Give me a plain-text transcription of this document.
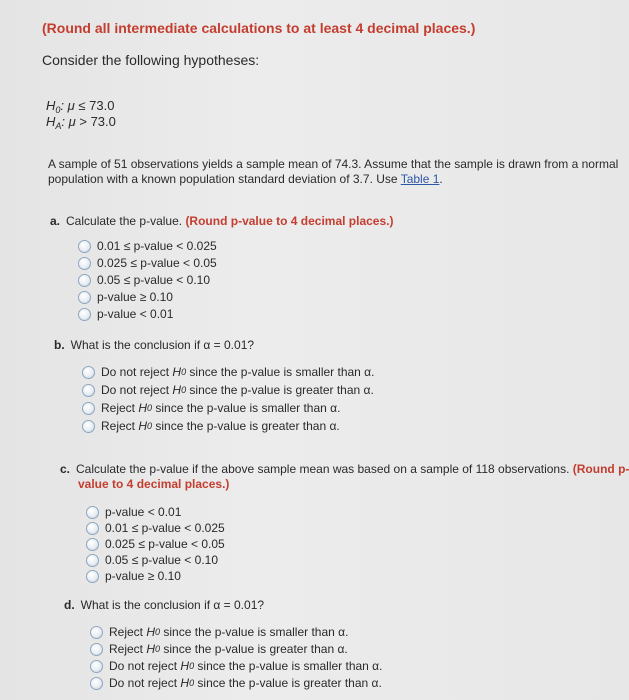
(Round all intermediate calculations to at least 4 decimal places.)
Consider the following hypotheses:
$H_0$: μ ≤ 73.0
$H_A$: μ > 73.0
A sample of 51 observations yields a sample mean of 74.3. Assume that the sample is drawn from a normal
population with a known population standard deviation of 3.7. Use Table 1.
a. Calculate the p-value. (Round p-value to 4 decimal places.)
0.01 ≤ p-value < 0.025
0.025 ≤ p-value < 0.05
0.05 ≤ p-value < 0.10
p-value ≥ 0.10
p-value < 0.01
b. What is the conclusion if α = 0.01?
Do not reject
H 0
since the p-value is smaller than α.
Do not reject
H 0
since the p-value is greater than α.
Reject
H 0
since the p-value is smaller than α.
Reject
H 0
since the p-value is greater than α.
c. Calculate the p-value if the above sample mean was based on a sample of 118 observations. (Round p-
value to 4 decimal places.)
p-value < 0.01
0.01 ≤ p-value < 0.025
0.025 ≤ p-value < 0.05
0.05 ≤ p-value < 0.10
p-value ≥ 0.10
d. What is the conclusion if α = 0.01?
Reject
H 0
since the p-value is smaller than α.
Reject
H 0
since the p-value is greater than α.
Do not reject
H 0
since the p-value is smaller than α.
Do not reject
H 0
since the p-value is greater than α.
